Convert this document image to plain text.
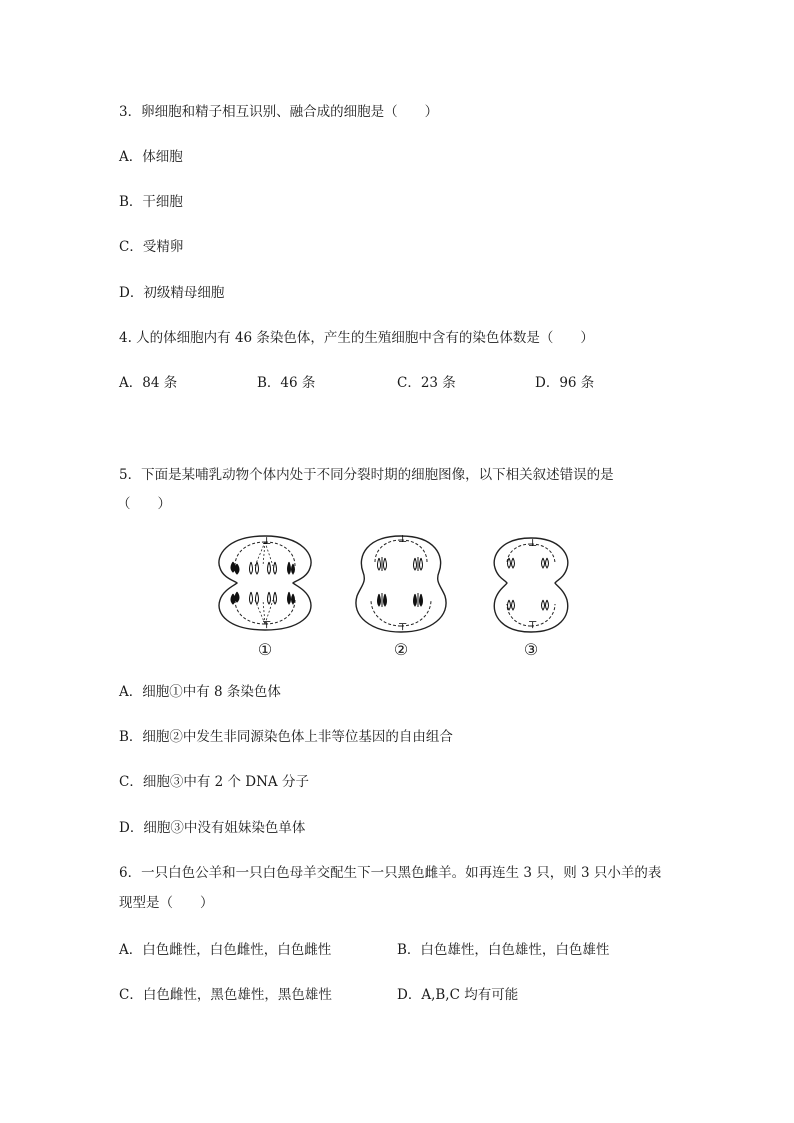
3．卵细胞和精子相互识别、融合成的细胞是（　　）
A．体细胞
B．干细胞
C．受精卵
D．初级精母细胞
4. 人的体细胞内有 46 条染色体，产生的生殖细胞中含有的染色体数是（　　）
A．84 条	B．46 条	C．23 条	D．96 条
5．下面是某哺乳动物个体内处于不同分裂时期的细胞图像，以下相关叙述错误的是
（　　）
⊥
⊤
⊥
⊤
⊥
⊤
①	②	③
A．细胞①中有 8 条染色体
B．细胞②中发生非同源染色体上非等位基因的自由组合
C．细胞③中有 2 个 DNA 分子
D．细胞③中没有姐妹染色单体
6．一只白色公羊和一只白色母羊交配生下一只黑色雌羊。如再连生 3 只，则 3 只小羊的表
现型是（　　）
A．白色雌性，白色雌性，白色雌性	B．白色雄性，白色雄性，白色雄性
C．白色雌性，黑色雄性，黑色雄性	D．A,B,C 均有可能
